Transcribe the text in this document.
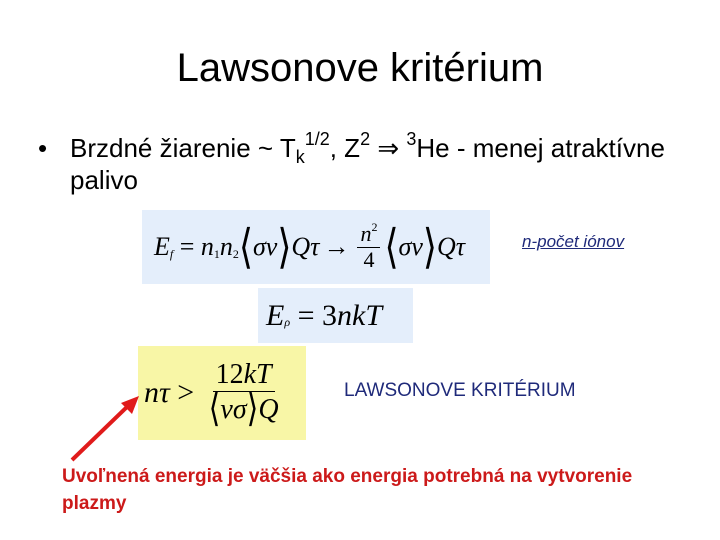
Lawsonove kritérium
• Brzdné žiarenie ~ $T_k^{1/2}$, $Z^2$ ⇒ $^3$He - menej atraktívne palivo
E f = n 1 n 2 ⟨ σv ⟩ $Q\tau \to \frac{n^2}{4}$ ⟨ σv ⟩ Qτ
E ρ = 3 nkT
$n\tau > \frac{12kT}{⟨v\sigma⟩Q}$
n-počet iónov
LAWSONOVE KRITÉRIUM
Uvoľnená energia je väčšia ako energia potrebná na vytvorenie plazmy
